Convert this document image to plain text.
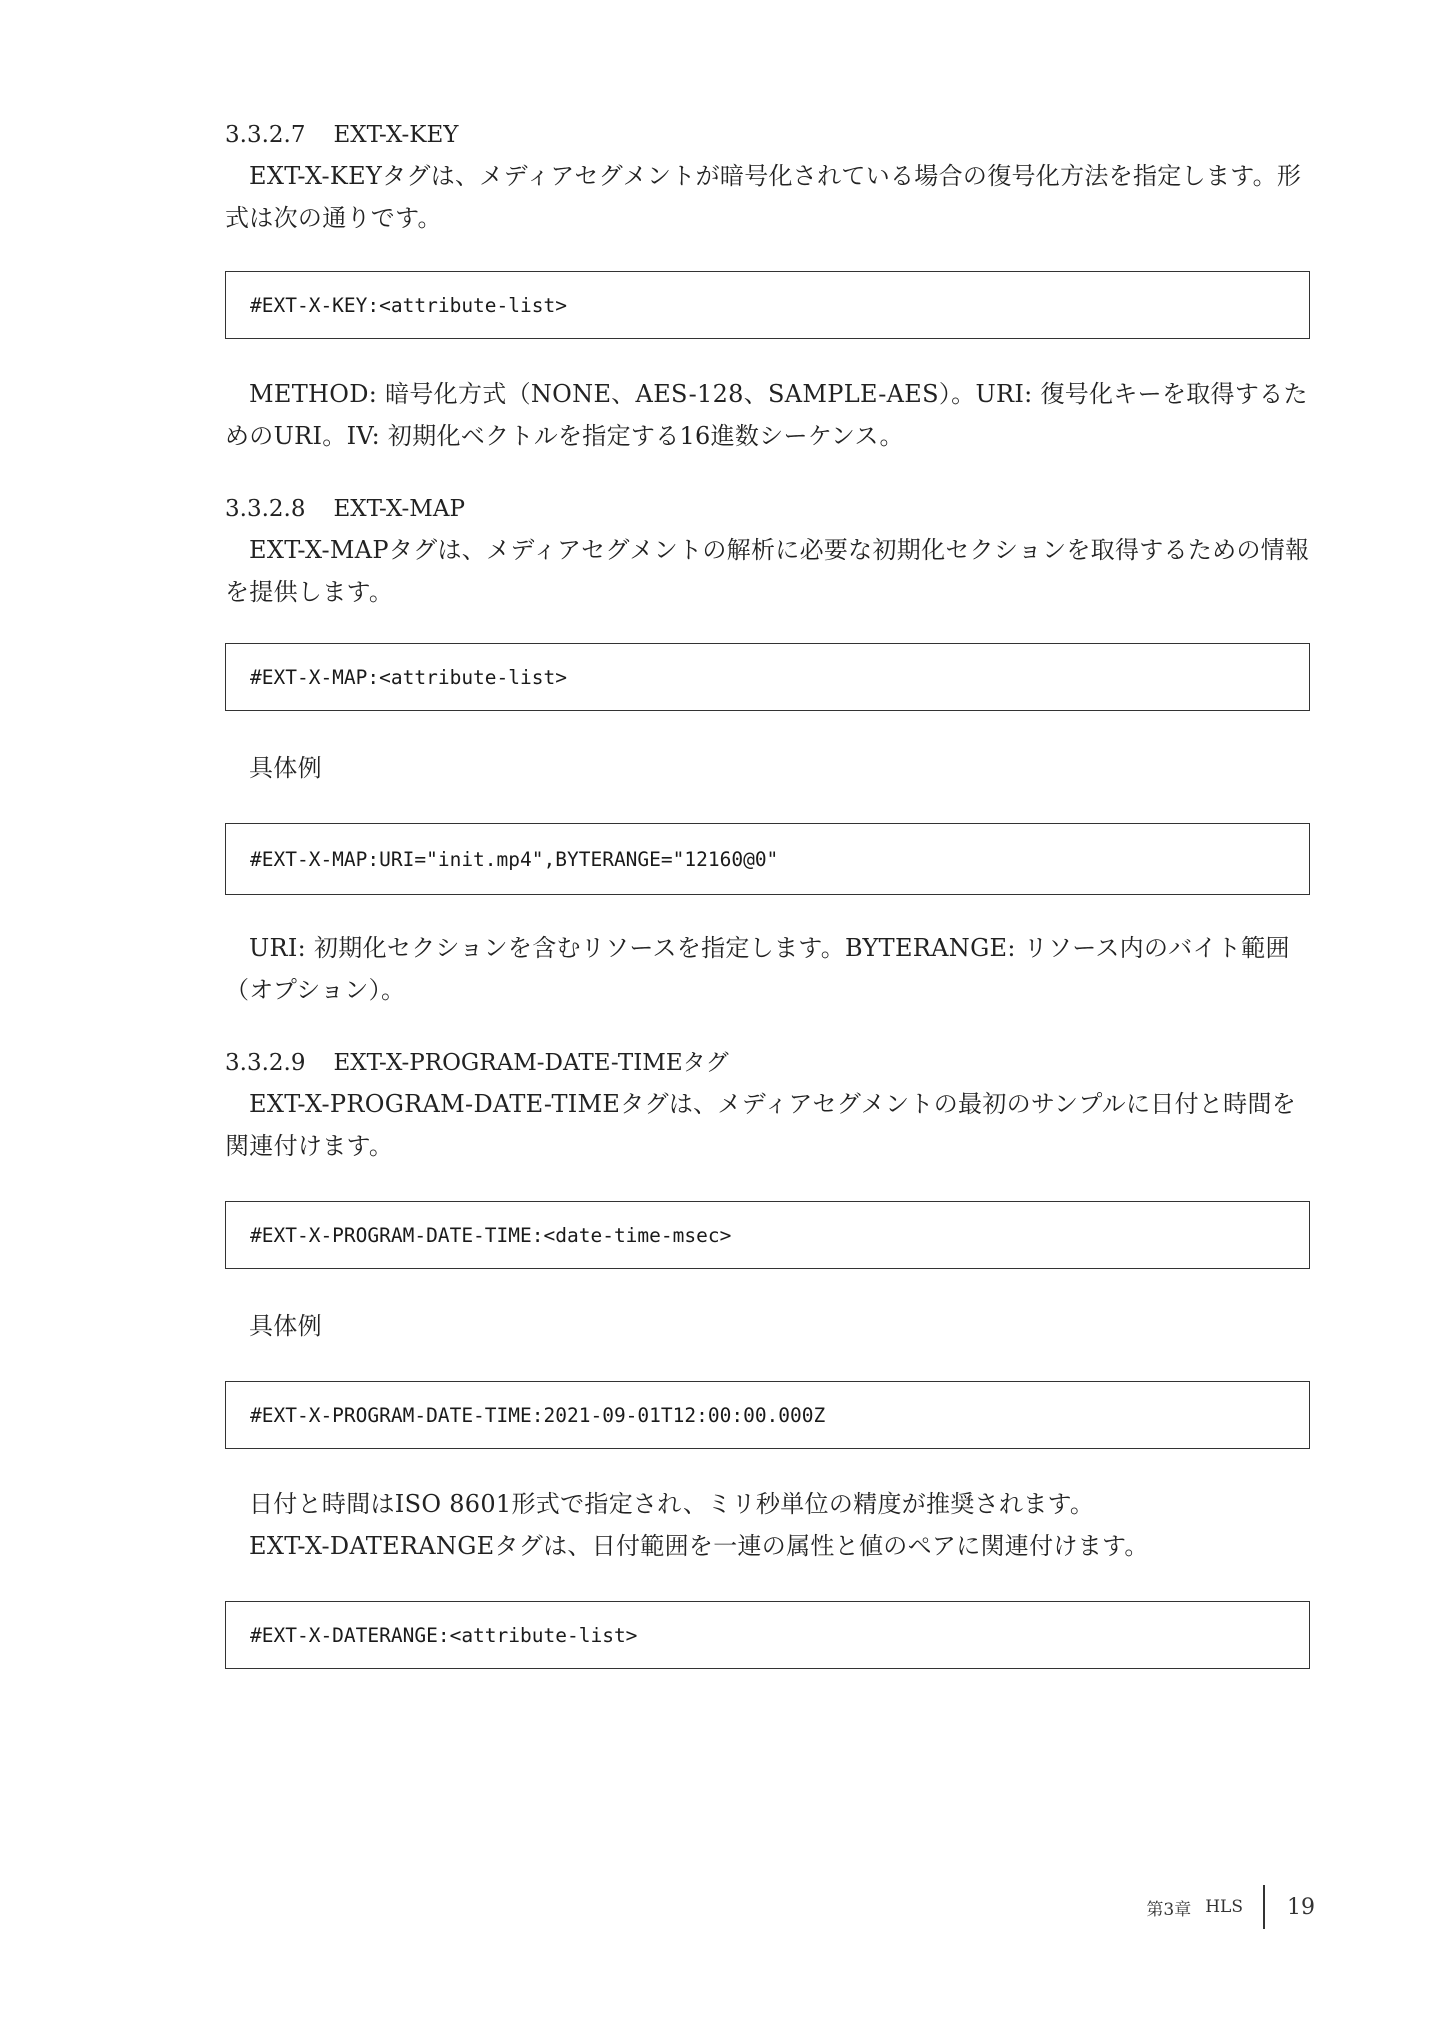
3.3.2.7 EXT-X-KEY

EXT-X-KEYタグは、メディアセグメントが暗号化されている場合の復号化方法を指定します。形式は次の通りです。

#EXT-X-KEY:<attribute-list>

METHOD: 暗号化方式（NONE、AES-128、SAMPLE-AES）。URI: 復号化キーを取得するためのURI。IV: 初期化ベクトルを指定する16進数シーケンス。

3.3.2.8 EXT-X-MAP

EXT-X-MAPタグは、メディアセグメントの解析に必要な初期化セクションを取得するための情報を提供します。

#EXT-X-MAP:<attribute-list>

具体例

#EXT-X-MAP:URI="init.mp4",BYTERANGE="12160@0"

URI: 初期化セクションを含むリソースを指定します。BYTERANGE: リソース内のバイト範囲（オプション）。

3.3.2.9 EXT-X-PROGRAM-DATE-TIMEタグ

EXT-X-PROGRAM-DATE-TIMEタグは、メディアセグメントの最初のサンプルに日付と時間を関連付けます。

#EXT-X-PROGRAM-DATE-TIME:<date-time-msec>

具体例

#EXT-X-PROGRAM-DATE-TIME:2021-09-01T12:00:00.000Z

日付と時間はISO 8601形式で指定され、ミリ秒単位の精度が推奨されます。

EXT-X-DATERANGEタグは、日付範囲を一連の属性と値のペアに関連付けます。

#EXT-X-DATERANGE:<attribute-list>
第3章 HLS 19
